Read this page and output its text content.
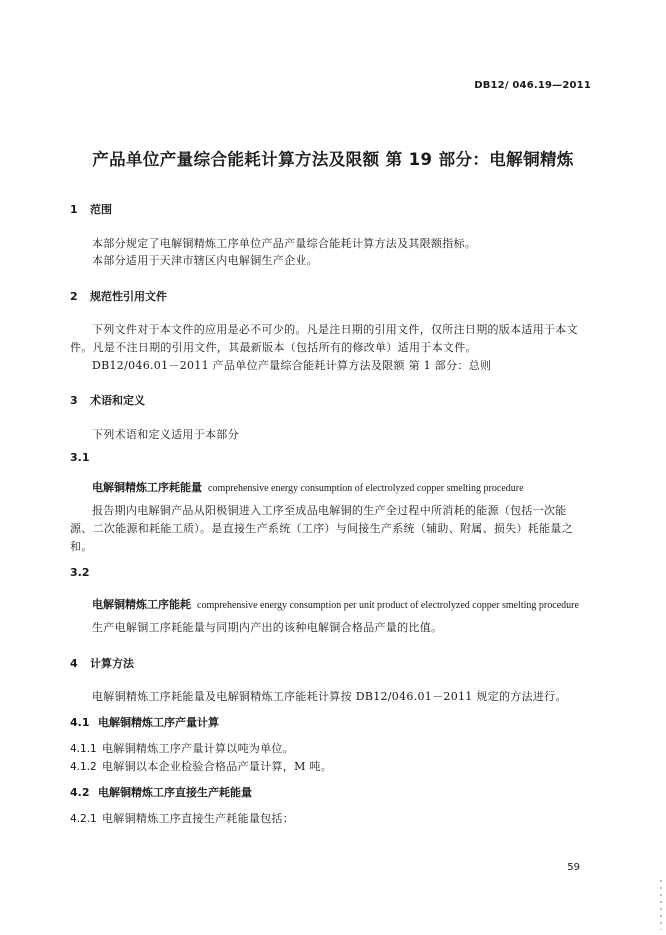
DB12/ 046.19—2011
产品单位产量综合能耗计算方法及限额 第 19 部分：电解铜精炼
1 范围
本部分规定了电解铜精炼工序单位产品产量综合能耗计算方法及其限额指标。
本部分适用于天津市辖区内电解铜生产企业。
2 规范性引用文件
下列文件对于本文件的应用是必不可少的。凡是注日期的引用文件，仅所注日期的版本适用于本文
件。凡是不注日期的引用文件，其最新版本（包括所有的修改单）适用于本文件。
DB12/046.01－2011 产品单位产量综合能耗计算方法及限额 第 1 部分：总则
3 术语和定义
下列术语和定义适用于本部分
3.1
电解铜精炼工序耗能量 comprehensive energy consumption of electrolyzed copper smelting procedure
报告期内电解铜产品从阳极铜进入工序至成品电解铜的生产全过程中所消耗的能源（包括一次能
源、二次能源和耗能工质）。是直接生产系统（工序）与间接生产系统（辅助、附属、损失）耗能量之
和。
3.2
电解铜精炼工序能耗 comprehensive energy consumption per unit product of electrolyzed copper smelting procedure
生产电解铜工序耗能量与同期内产出的该种电解铜合格品产量的比值。
4 计算方法
电解铜精炼工序耗能量及电解铜精炼工序能耗计算按 DB12/046.01－2011 规定的方法进行。
4.1 电解铜精炼工序产量计算
4.1.1 电解铜精炼工序产量计算以吨为单位。
4.1.2 电解铜以本企业检验合格品产量计算，M 吨。
4.2 电解铜精炼工序直接生产耗能量
4.2.1 电解铜精炼工序直接生产耗能量包括：
59
